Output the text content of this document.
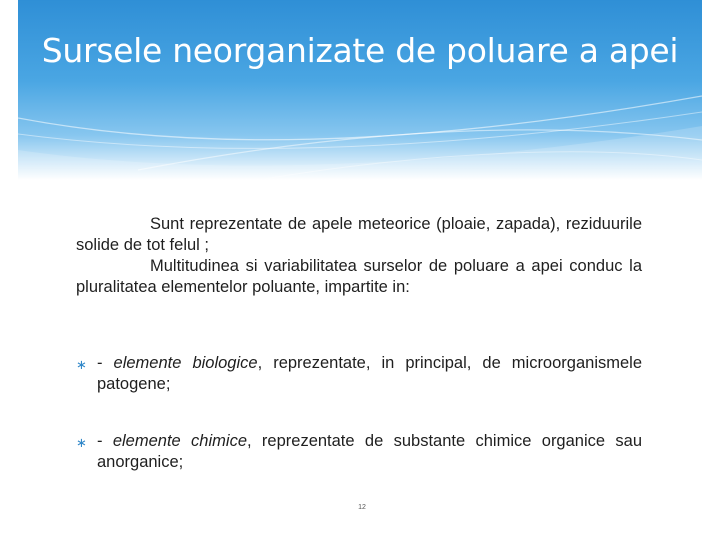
Sursele neorganizate de poluare a apei

Sunt reprezentate de apele meteorice (ploaie, zapada), reziduurile solide de tot felul ;

Multitudinea si variabilitatea surselor de poluare a apei conduc la pluralitatea elementelor poluante, impartite in:

∗ - elemente biologice, reprezentate, in principal, de microorganismele patogene;
∗ - elemente chimice, reprezentate de substante chimice organice sau anorganice;
12
